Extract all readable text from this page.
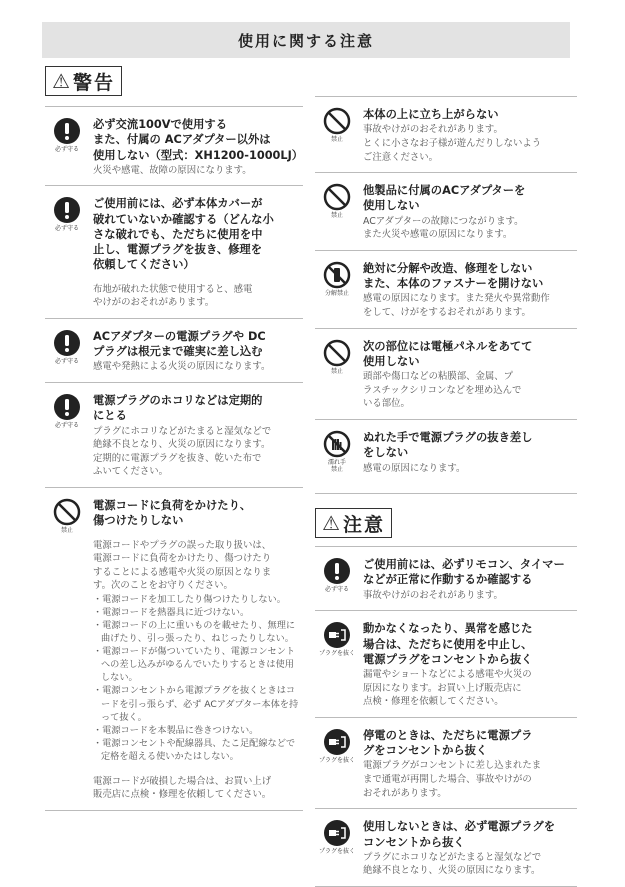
使用に関する注意
⚠ 警告
必ず守る
必ず交流100Vで使用する
また、付属の ACアダプター以外は
使用しない（型式：XH1200-1000LJ）
火災や感電、故障の原因になります。
必ず守る
ご使用前には、必ず本体カバーが
破れていないか確認する（どんな小
さな破れでも、ただちに使用を中
止し、電源プラグを抜き、修理を
依頼してください）
布地が破れた状態で使用すると、感電
やけがのおそれがあります。
必ず守る
ACアダプターの電源プラグや DC
プラグは根元まで確実に差し込む
感電や発熱による火災の原因になります。
必ず守る
電源プラグのホコリなどは定期的
にとる
プラグにホコリなどがたまると湿気などで
絶縁不良となり、火災の原因になります。
定期的に電源プラグを抜き、乾いた布で
ふいてください。
禁止
電源コードに負荷をかけたり、
傷つけたりしない
電源コードやプラグの誤った取り扱いは、
電源コードに負荷をかけたり、傷つけたり
することによる感電や火災の原因となりま
す。次のことをお守りください。
・電源コードを加工したり傷つけたりしない。
・電源コードを熱器具に近づけない。
・電源コードの上に重いものを載せたり、無理に曲げたり、引っ張ったり、ねじったりしない。
・電源コードが傷ついていたり、電源コンセントへの差し込みがゆるんでいたりするときは使用しない。
・電源コンセントから電源プラグを抜くときはコードを引っ張らず、必ず ACアダプター本体を持って抜く。
・電源コードを本製品に巻きつけない。
・電源コンセントや配線器具、たこ足配線などで定格を超える使いかたはしない。
電源コードが破損した場合は、お買い上げ
販売店に点検・修理を依頼してください。
禁止
本体の上に立ち上がらない
事故やけがのおそれがあります。
とくに小さなお子様が遊んだりしないよう
ご注意ください。
禁止
他製品に付属のACアダプターを
使用しない
ACアダプターの故障につながります。
また火災や感電の原因になります。
分解禁止
絶対に分解や改造、修理をしない
また、本体のファスナーを開けない
感電の原因になります。また発火や異常動作
をして、けがをするおそれがあります。
禁止
次の部位には電極パネルをあてて
使用しない
頭部や傷口などの粘膜部、金属、プ
ラスチックシリコンなどを埋め込んで
いる部位。
濡れ手
禁止
ぬれた手で電源プラグの抜き差し
をしない
感電の原因になります。
⚠ 注意
必ず守る
ご使用前には、必ずリモコン、タイマー
などが正常に作動するか確認する
事故やけがのおそれがあります。
プラグを抜く
動かなくなったり、異常を感じた
場合は、ただちに使用を中止し、
電源プラグをコンセントから抜く
漏電やショートなどによる感電や火災の
原因になります。お買い上げ販売店に
点検・修理を依頼してください。
プラグを抜く
停電のときは、ただちに電源プラ
グをコンセントから抜く
電源プラグがコンセントに差し込まれたま
まで通電が再開した場合、事故やけがの
おそれがあります。
プラグを抜く
使用しないときは、必ず電源プラグを
コンセントから抜く
プラグにホコリなどがたまると湿気などで
絶縁不良となり、火災の原因になります。
